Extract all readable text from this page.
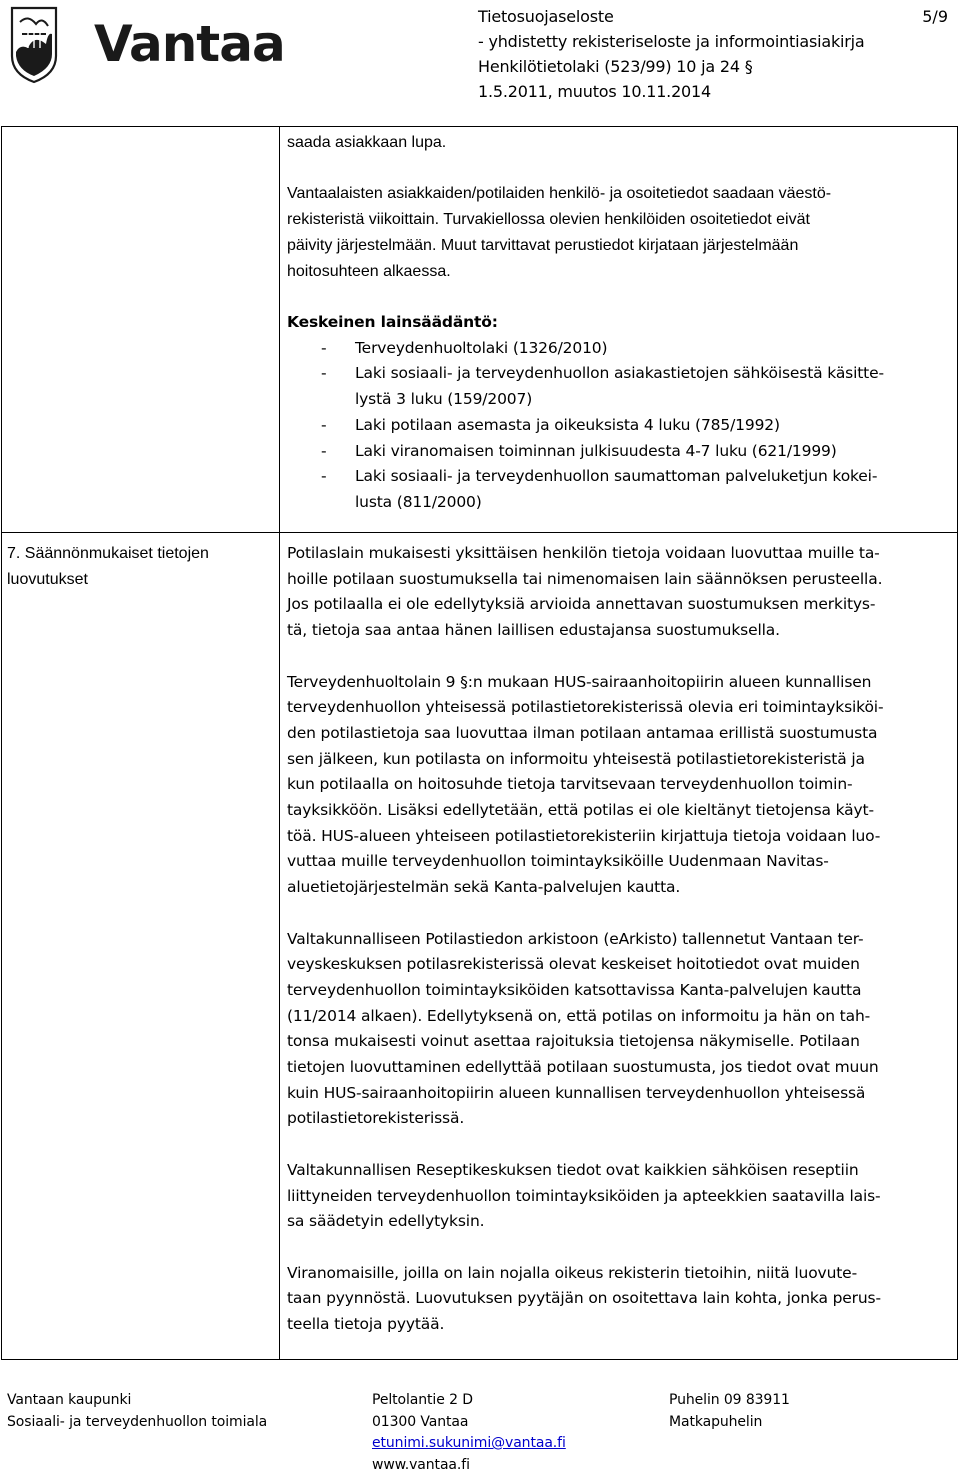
Vantaa	Tietosuojaseloste
- yhdistetty rekisteriseloste ja informointiasiakirja
Henkilötietolaki (523/99) 10 ja 24 §
1.5.2011, muutos 10.11.2014
5/9

saada asiakkaan lupa.

Vantaalaisten asiakkaiden/potilaiden henkilö- ja osoitetiedot saadaan väestö-

rekisteristä viikoittain. Turvakiellossa olevien henkilöiden osoitetiedot eivät

päivity järjestelmään. Muut tarvittavat perustiedot kirjataan järjestelmään

hoitosuhteen alkaessa.

Keskeinen lainsäädäntö:

- Terveydenhuoltolaki (1326/2010)
- Laki sosiaali- ja terveydenhuollon asiakastietojen sähköisestä käsitte-
lystä 3 luku (159/2007)
- Laki potilaan asemasta ja oikeuksista 4 luku (785/1992)
- Laki viranomaisen toiminnan julkisuudesta 4-7 luku (621/1999)
- Laki sosiaali- ja terveydenhuollon saumattoman palveluketjun kokei-
lusta (811/2000)

7. Säännönmukaiset tietojen

luovutukset

Potilaslain mukaisesti yksittäisen henkilön tietoja voidaan luovuttaa muille ta-

hoille potilaan suostumuksella tai nimenomaisen lain säännöksen perusteella.

Jos potilaalla ei ole edellytyksiä arvioida annettavan suostumuksen merkitys-

tä, tietoja saa antaa hänen laillisen edustajansa suostumuksella.

Terveydenhuoltolain 9 §:n mukaan HUS-sairaanhoitopiirin alueen kunnallisen

terveydenhuollon yhteisessä potilastietorekisterissä olevia eri toimintayksiköi-

den potilastietoja saa luovuttaa ilman potilaan antamaa erillistä suostumusta

sen jälkeen, kun potilasta on informoitu yhteisestä potilastietorekisteristä ja

kun potilaalla on hoitosuhde tietoja tarvitsevaan terveydenhuollon toimin-

tayksikköön. Lisäksi edellytetään, että potilas ei ole kieltänyt tietojensa käyt-

töä. HUS-alueen yhteiseen potilastietorekisteriin kirjattuja tietoja voidaan luo-

vuttaa muille terveydenhuollon toimintayksiköille Uudenmaan Navitas-

aluetietojärjestelmän sekä Kanta-palvelujen kautta.

Valtakunnalliseen Potilastiedon arkistoon (eArkisto) tallennetut Vantaan ter-

veyskeskuksen potilasrekisterissä olevat keskeiset hoitotiedot ovat muiden

terveydenhuollon toimintayksiköiden katsottavissa Kanta-palvelujen kautta

(11/2014 alkaen). Edellytyksenä on, että potilas on informoitu ja hän on tah-

tonsa mukaisesti voinut asettaa rajoituksia tietojensa näkymiselle. Potilaan

tietojen luovuttaminen edellyttää potilaan suostumusta, jos tiedot ovat muun

kuin HUS-sairaanhoitopiirin alueen kunnallisen terveydenhuollon yhteisessä

potilastietorekisterissä.

Valtakunnallisen Reseptikeskuksen tiedot ovat kaikkien sähköisen reseptiin

liittyneiden terveydenhuollon toimintayksiköiden ja apteekkien saatavilla lais-

sa säädetyin edellytyksin.

Viranomaisille, joilla on lain nojalla oikeus rekisterin tietoihin, niitä luovute-

taan pyynnöstä. Luovutuksen pyytäjän on osoitettava lain kohta, jonka perus-

teella tietoja pyytää.

Vantaan kaupunki
Sosiaali- ja terveydenhuollon toimiala
Peltolantie 2 D
01300 Vantaa
etunimi.sukunimi@vantaa.fi
www.vantaa.fi
Puhelin 09 83911
Matkapuhelin
